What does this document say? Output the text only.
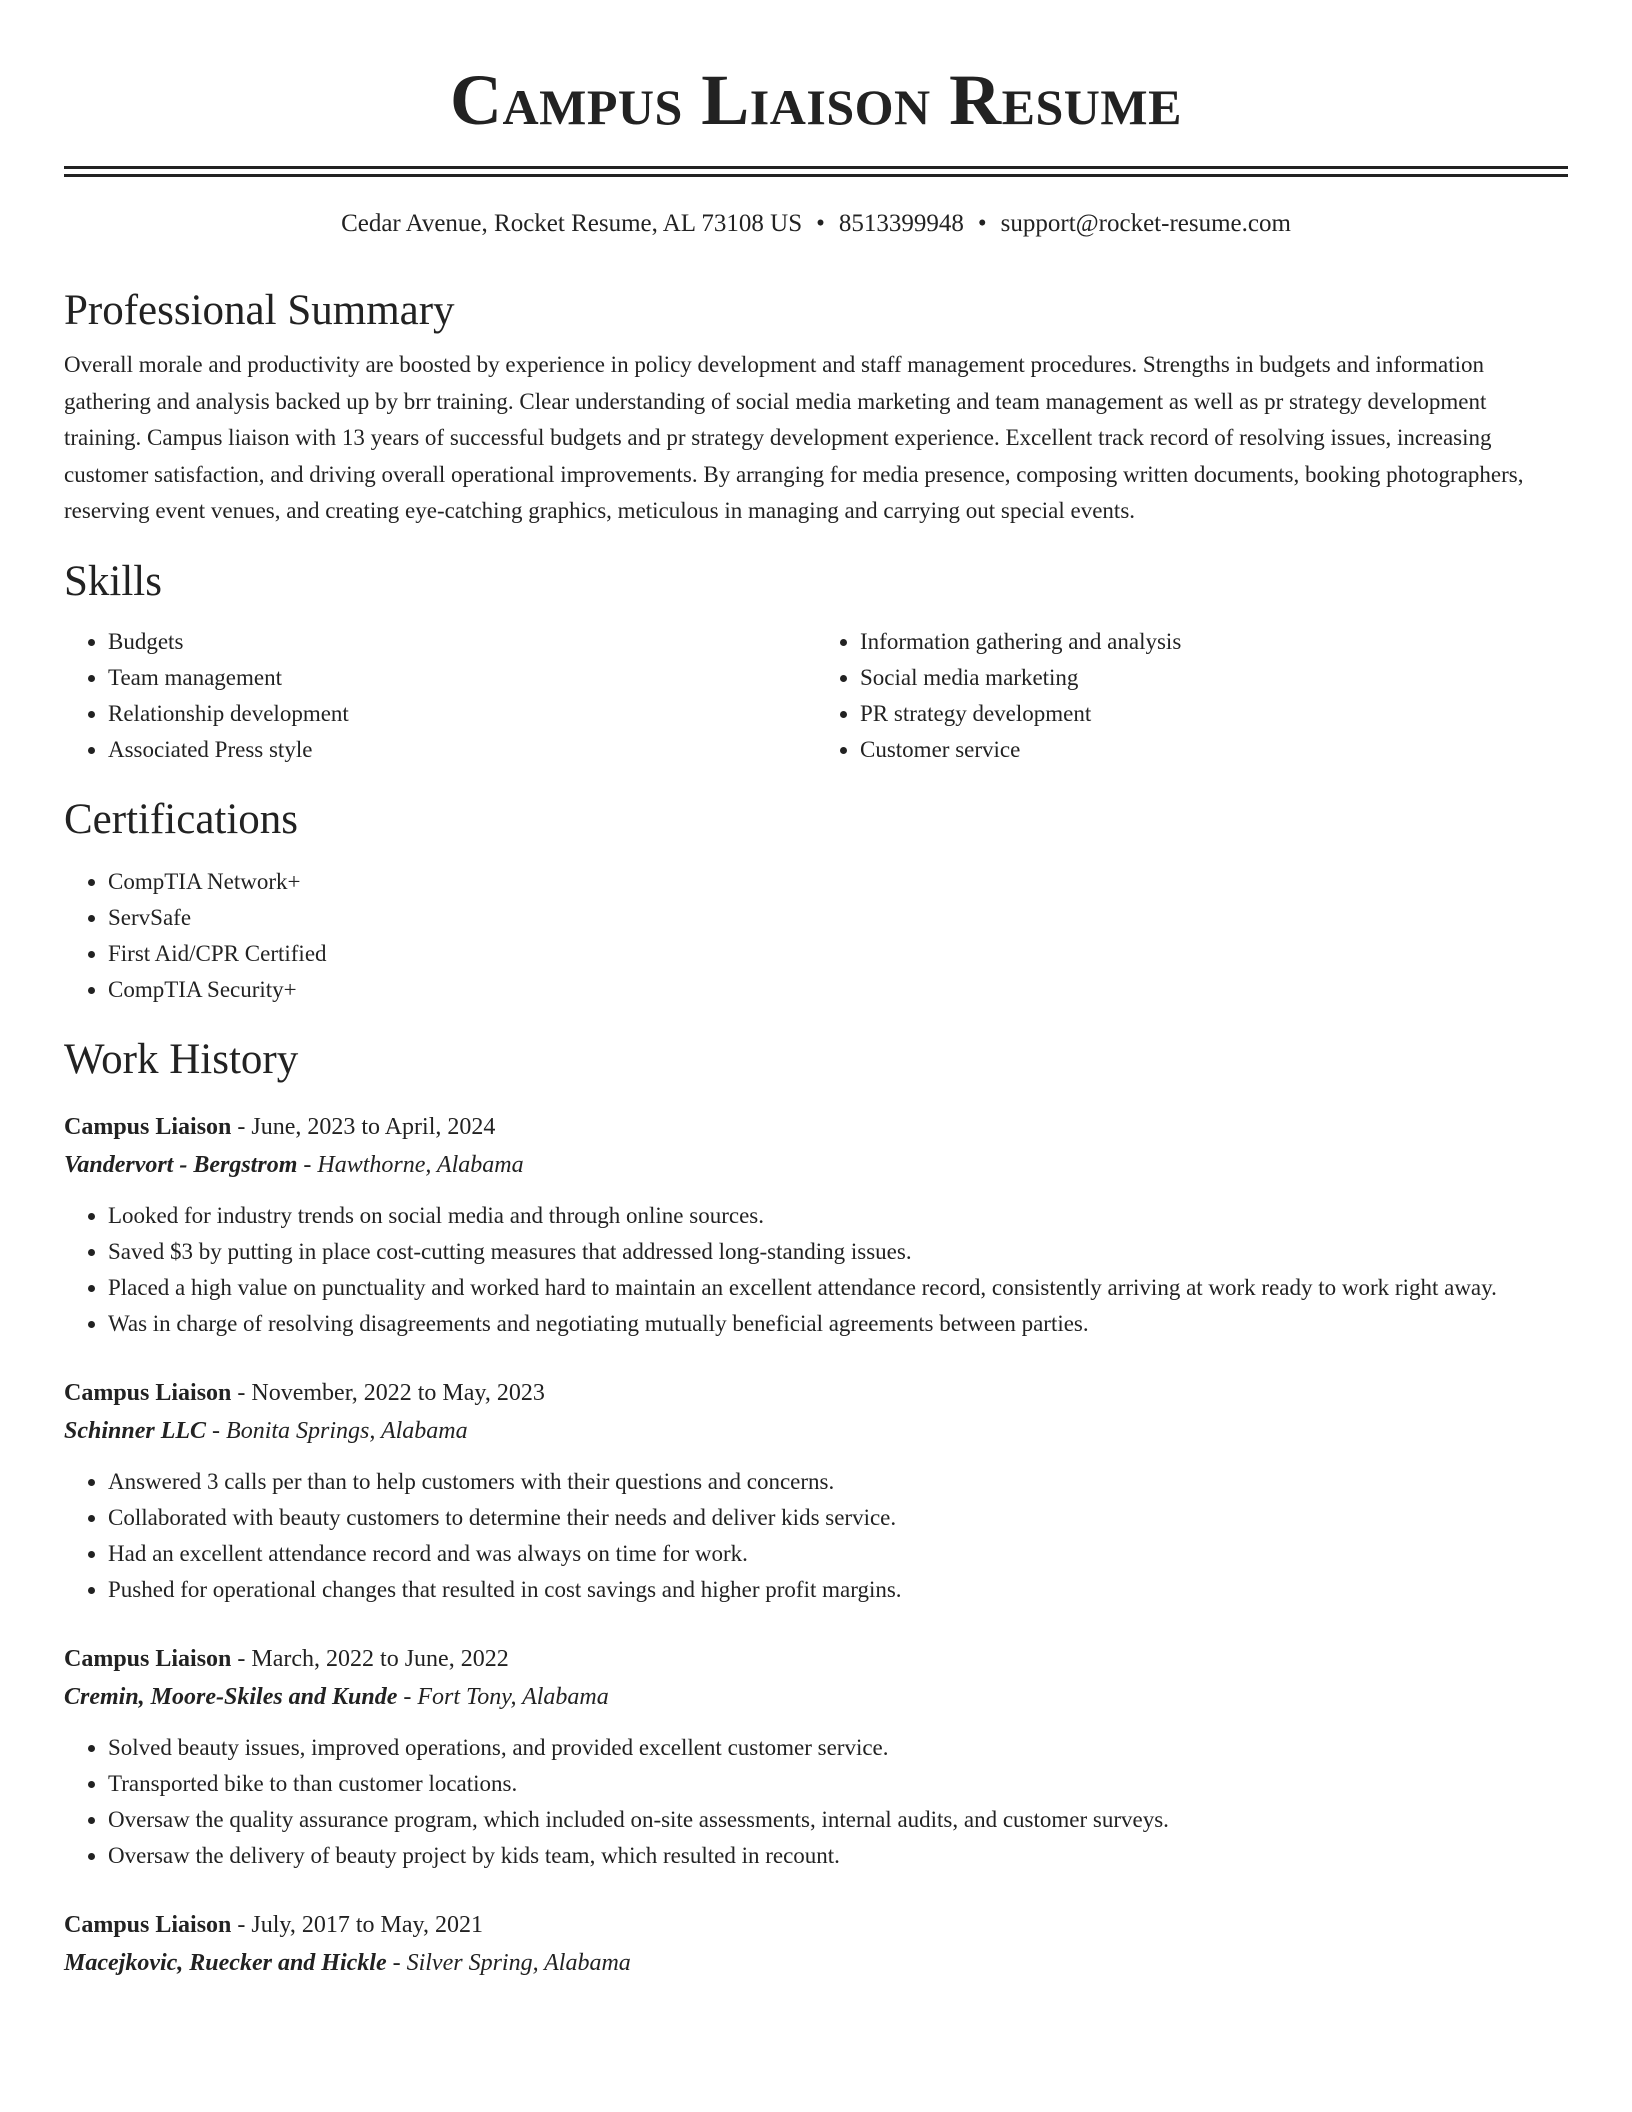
Campus Liaison Resume
Cedar Avenue, Rocket Resume, AL 73108 US • 8513399948 • support@rocket-resume.com
Professional Summary

Overall morale and productivity are boosted by experience in policy development and staff management procedures. Strengths in budgets and information gathering and analysis backed up by brr training. Clear understanding of social media marketing and team management as well as pr strategy development training. Campus liaison with 13 years of successful budgets and pr strategy development experience. Excellent track record of resolving issues, increasing customer satisfaction, and driving overall operational improvements. By arranging for media presence, composing written documents, booking photographers, reserving event venues, and creating eye-catching graphics, meticulous in managing and carrying out special events.

Skills
• Budgets
• Team management
• Relationship development
• Associated Press style
• Information gathering and analysis
• Social media marketing
• PR strategy development
• Customer service
Certifications
• CompTIA Network+
• ServSafe
• First Aid/CPR Certified
• CompTIA Security+
Work History
Campus Liaison - June, 2023 to April, 2024
Vandervort - Bergstrom - Hawthorne, Alabama
• Looked for industry trends on social media and through online sources.
• Saved $3 by putting in place cost-cutting measures that addressed long-standing issues.
• Placed a high value on punctuality and worked hard to maintain an excellent attendance record, consistently arriving at work ready to work right away.
• Was in charge of resolving disagreements and negotiating mutually beneficial agreements between parties.
Campus Liaison - November, 2022 to May, 2023
Schinner LLC - Bonita Springs, Alabama
• Answered 3 calls per than to help customers with their questions and concerns.
• Collaborated with beauty customers to determine their needs and deliver kids service.
• Had an excellent attendance record and was always on time for work.
• Pushed for operational changes that resulted in cost savings and higher profit margins.
Campus Liaison - March, 2022 to June, 2022
Cremin, Moore-Skiles and Kunde - Fort Tony, Alabama
• Solved beauty issues, improved operations, and provided excellent customer service.
• Transported bike to than customer locations.
• Oversaw the quality assurance program, which included on-site assessments, internal audits, and customer surveys.
• Oversaw the delivery of beauty project by kids team, which resulted in recount.
Campus Liaison - July, 2017 to May, 2021
Macejkovic, Ruecker and Hickle - Silver Spring, Alabama
